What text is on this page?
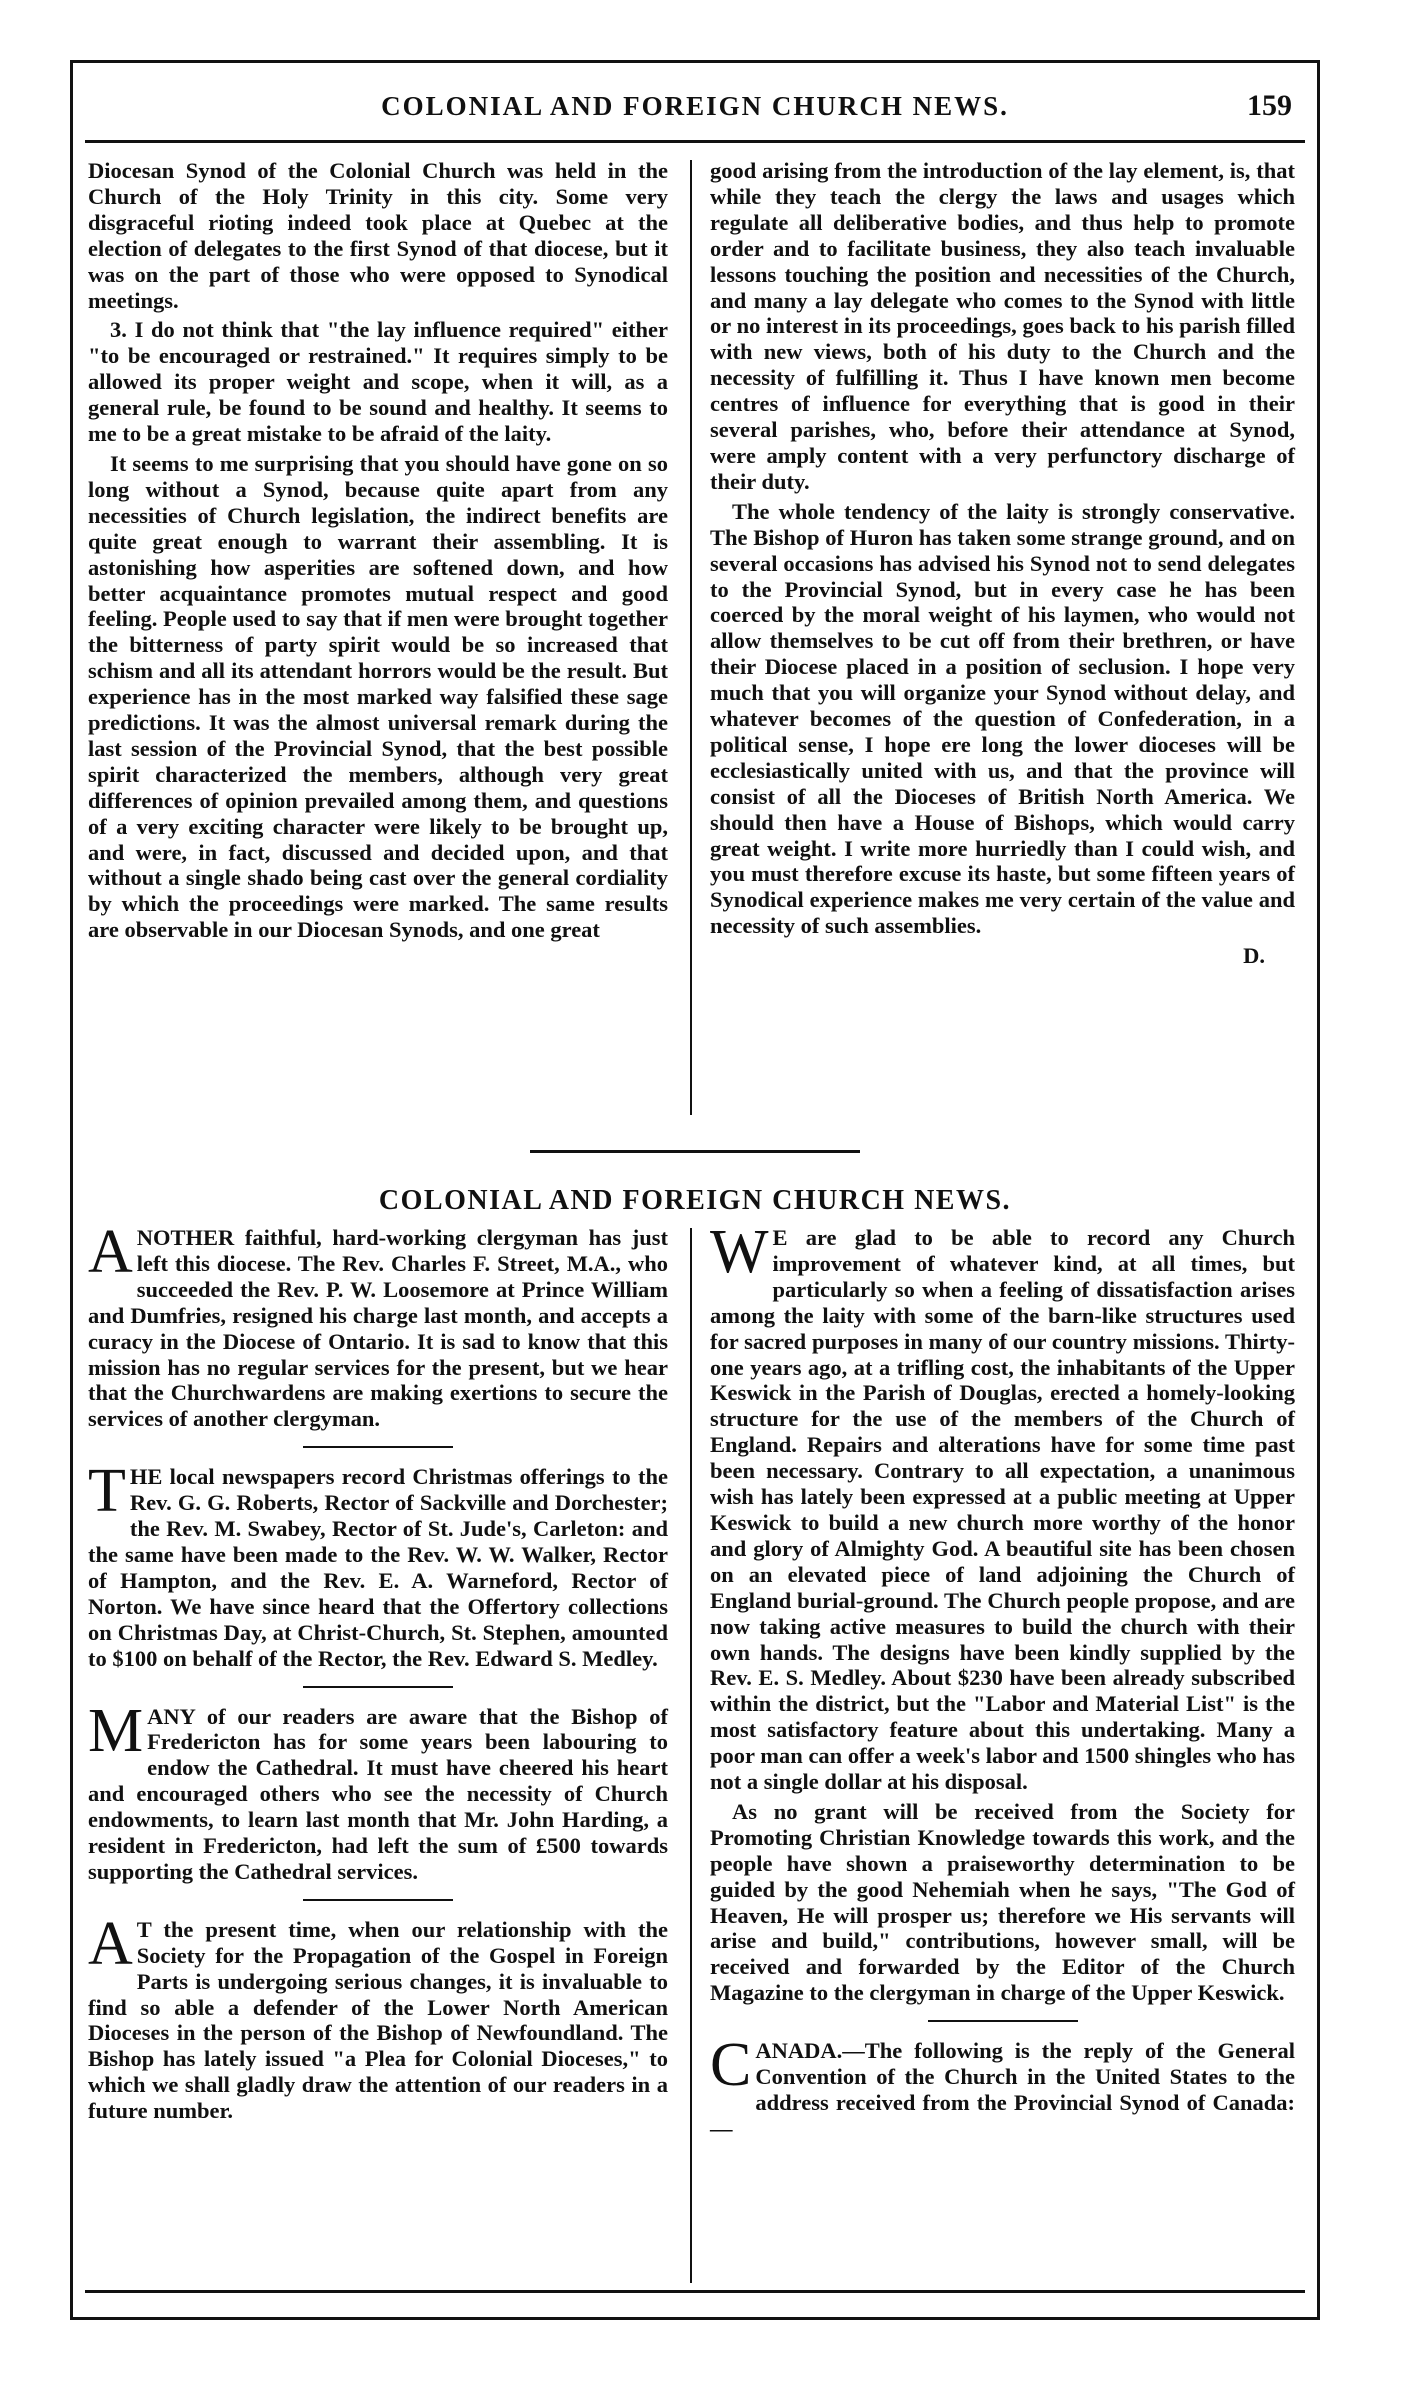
COLONIAL AND FOREIGN CHURCH NEWS.	159

Diocesan Synod of the Colonial Church was held in the Church of the Holy Trinity in this city. Some very disgraceful rioting indeed took place at Quebec at the election of delegates to the first Synod of that diocese, but it was on the part of those who were opposed to Synodical meetings.

3. I do not think that "the lay influence required" either "to be encouraged or restrained." It requires simply to be allowed its proper weight and scope, when it will, as a general rule, be found to be sound and healthy. It seems to me to be a great mistake to be afraid of the laity.

It seems to me surprising that you should have gone on so long without a Synod, because quite apart from any necessities of Church legislation, the indirect benefits are quite great enough to warrant their assembling. It is astonishing how asperities are softened down, and how better acquaintance promotes mutual respect and good feeling. People used to say that if men were brought together the bitterness of party spirit would be so increased that schism and all its attendant horrors would be the result. But experience has in the most marked way falsified these sage predictions. It was the almost universal remark during the last session of the Provincial Synod, that the best possible spirit characterized the members, although very great differences of opinion prevailed among them, and questions of a very exciting character were likely to be brought up, and were, in fact, discussed and decided upon, and that without a single shado being cast over the general cordiality by which the proceedings were marked. The same results are observable in our Diocesan Synods, and one great

good arising from the introduction of the lay element, is, that while they teach the clergy the laws and usages which regulate all deliberative bodies, and thus help to promote order and to facilitate business, they also teach invaluable lessons touching the position and necessities of the Church, and many a lay delegate who comes to the Synod with little or no interest in its proceedings, goes back to his parish filled with new views, both of his duty to the Church and the necessity of fulfilling it. Thus I have known men become centres of influence for everything that is good in their several parishes, who, before their attendance at Synod, were amply content with a very perfunctory discharge of their duty.

The whole tendency of the laity is strongly conservative. The Bishop of Huron has taken some strange ground, and on several occasions has advised his Synod not to send delegates to the Provincial Synod, but in every case he has been coerced by the moral weight of his laymen, who would not allow themselves to be cut off from their brethren, or have their Diocese placed in a position of seclusion. I hope very much that you will organize your Synod without delay, and whatever becomes of the question of Confederation, in a political sense, I hope ere long the lower dioceses will be ecclesiastically united with us, and that the province will consist of all the Dioceses of British North America. We should then have a House of Bishops, which would carry great weight. I write more hurriedly than I could wish, and you must therefore excuse its haste, but some fifteen years of Synodical experience makes me very certain of the value and necessity of such assemblies.

D.

COLONIAL AND FOREIGN CHURCH NEWS.
A NOTHER faithful, hard-working clergyman has just left this diocese. The Rev. Charles F. Street, M.A., who succeeded the Rev. P. W. Loosemore at Prince William and Dumfries, resigned his charge last month, and accepts a curacy in the Diocese of Ontario. It is sad to know that this mission has no regular services for the present, but we hear that the Churchwardens are making exertions to secure the services of another clergyman.

T HE local newspapers record Christmas offerings to the Rev. G. G. Roberts, Rector of Sackville and Dorchester; the Rev. M. Swabey, Rector of St. Jude's, Carleton: and the same have been made to the Rev. W. W. Walker, Rector of Hampton, and the Rev. E. A. Warneford, Rector of Norton. We have since heard that the Offertory collections on Christmas Day, at Christ-Church, St. Stephen, amounted to $100 on behalf of the Rector, the Rev. Edward S. Medley.

M ANY of our readers are aware that the Bishop of Fredericton has for some years been labouring to endow the Cathedral. It must have cheered his heart and encouraged others who see the necessity of Church endowments, to learn last month that Mr. John Harding, a resident in Fredericton, had left the sum of £500 towards supporting the Cathedral services.

A T the present time, when our relationship with the Society for the Propagation of the Gospel in Foreign Parts is undergoing serious changes, it is invaluable to find so able a defender of the Lower North American Dioceses in the person of the Bishop of Newfoundland. The Bishop has lately issued "a Plea for Colonial Dioceses," to which we shall gladly draw the attention of our readers in a future number.

W E are glad to be able to record any Church improvement of whatever kind, at all times, but particularly so when a feeling of dissatisfaction arises among the laity with some of the barn-like structures used for sacred purposes in many of our country missions. Thirty-one years ago, at a trifling cost, the inhabitants of the Upper Keswick in the Parish of Douglas, erected a homely-looking structure for the use of the members of the Church of England. Repairs and alterations have for some time past been necessary. Contrary to all expectation, a unanimous wish has lately been expressed at a public meeting at Upper Keswick to build a new church more worthy of the honor and glory of Almighty God. A beautiful site has been chosen on an elevated piece of land adjoining the Church of England burial-ground. The Church people propose, and are now taking active measures to build the church with their own hands. The designs have been kindly supplied by the Rev. E. S. Medley. About $230 have been already subscribed within the district, but the "Labor and Material List" is the most satisfactory feature about this undertaking. Many a poor man can offer a week's labor and 1500 shingles who has not a single dollar at his disposal.

As no grant will be received from the Society for Promoting Christian Knowledge towards this work, and the people have shown a praiseworthy determination to be guided by the good Nehemiah when he says, "The God of Heaven, He will prosper us; therefore we His servants will arise and build," contributions, however small, will be received and forwarded by the Editor of the Church Magazine to the clergyman in charge of the Upper Keswick.

C ANADA.—The following is the reply of the General Convention of the Church in the United States to the address received from the Provincial Synod of Canada:—
